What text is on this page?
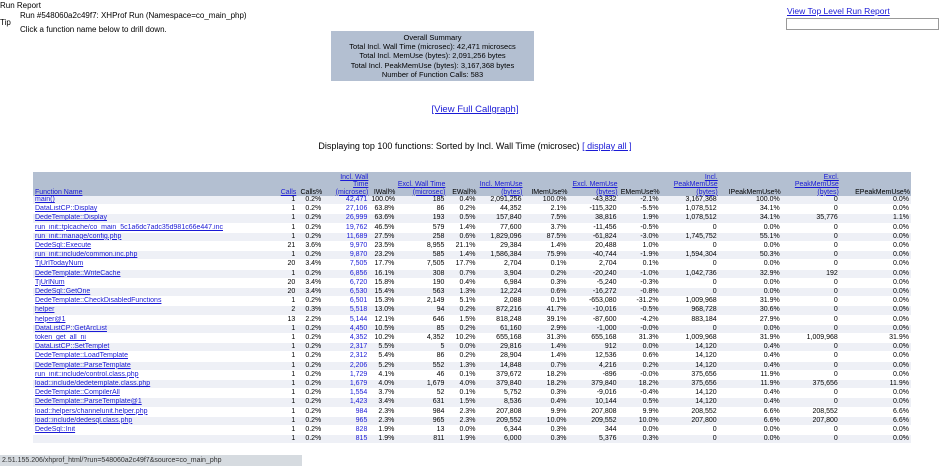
Run Report
Run #548060a2c49f7: XHProf Run (Namespace=co_main_php)
Tip
Click a function name below to drill down.
View Top Level Run Report
Overall Summary
Total Incl. Wall Time (microsec): 42,471 microsecs
Total Incl. MemUse (bytes): 2,091,256 bytes
Total Incl. PeakMemUse (bytes): 3,167,368 bytes
Number of Function Calls: 583
[View Full Callgraph]
Displaying top 100 functions: Sorted by Incl. Wall Time (microsec) [ display all ]
Function Name	Calls	Calls%	Incl. Wall Time (microsec)	IWall%	Excl. Wall Time (microsec)	EWall%	Incl. MemUse (bytes)	IMemUse%	Excl. MemUse (bytes)	EMemUse%	Incl. PeakMemUse (bytes)	IPeakMemUse%	Excl. PeakMemUse (bytes)	EPeakMemUse%
main()	1	0.2%	42,471	100.0%	185	0.4%	2,091,256	100.0%	-43,832	-2.1%	3,167,368	100.0%	0	0.0%
DataListCP::Display	1	0.2%	27,106	63.8%	86	0.2%	44,352	2.1%	-115,320	-5.5%	1,078,512	34.1%	0	0.0%
DedeTemplate::Display	1	0.2%	26,999	63.6%	193	0.5%	157,840	7.5%	38,816	1.9%	1,078,512	34.1%	35,776	1.1%
run_init::tplcache/co_main_5c1a6dc7adc35d981c66e447.inc	1	0.2%	19,762	46.5%	579	1.4%	77,600	3.7%	-11,456	-0.5%	0	0.0%	0	0.0%
run_init::manage/config.php	1	0.2%	11,689	27.5%	258	0.6%	1,829,096	87.5%	-61,824	-3.0%	1,745,752	55.1%	0	0.0%
DedeSql::Execute	21	3.6%	9,970	23.5%	8,955	21.1%	29,384	1.4%	20,488	1.0%	0	0.0%	0	0.0%
run_init::include/common.inc.php	1	0.2%	9,870	23.2%	585	1.4%	1,586,384	75.9%	-40,744	-1.9%	1,594,304	50.3%	0	0.0%
TjUrlTodayNum	20	3.4%	7,505	17.7%	7,505	17.7%	2,704	0.1%	2,704	0.1%	0	0.0%	0	0.0%
DedeTemplate::WriteCache	1	0.2%	6,856	16.1%	308	0.7%	3,904	0.2%	-20,240	-1.0%	1,042,736	32.9%	192	0.0%
TjUrlNum	20	3.4%	6,720	15.8%	190	0.4%	6,984	0.3%	-5,240	-0.3%	0	0.0%	0	0.0%
DedeSql::GetOne	20	3.4%	6,530	15.4%	563	1.3%	12,224	0.6%	-16,272	-0.8%	0	0.0%	0	0.0%
DedeTemplate::CheckDisabledFunctions	1	0.2%	6,501	15.3%	2,149	5.1%	2,088	0.1%	-653,080	-31.2%	1,009,968	31.9%	0	0.0%
helper	2	0.3%	5,518	13.0%	94	0.2%	872,216	41.7%	-10,016	-0.5%	968,728	30.6%	0	0.0%
helper@1	13	2.2%	5,144	12.1%	646	1.5%	818,248	39.1%	-87,600	-4.2%	883,184	27.9%	0	0.0%
DataListCP::GetArcList	1	0.2%	4,450	10.5%	85	0.2%	61,160	2.9%	-1,000	-0.0%	0	0.0%	0	0.0%
token_get_all_ni	1	0.2%	4,352	10.2%	4,352	10.2%	655,168	31.3%	655,168	31.3%	1,009,968	31.9%	1,009,968	31.9%
DataListCP::SetTemplet	1	0.2%	2,317	5.5%	5	0.0%	29,816	1.4%	912	0.0%	14,120	0.4%	0	0.0%
DedeTemplate::LoadTemplate	1	0.2%	2,312	5.4%	86	0.2%	28,904	1.4%	12,536	0.6%	14,120	0.4%	0	0.0%
DedeTemplate::ParseTemplate	1	0.2%	2,206	5.2%	552	1.3%	14,848	0.7%	4,216	0.2%	14,120	0.4%	0	0.0%
run_init::include/control.class.php	1	0.2%	1,729	4.1%	46	0.1%	379,672	18.2%	-896	-0.0%	375,656	11.9%	0	0.0%
load::include/dedetemplate.class.php	1	0.2%	1,679	4.0%	1,679	4.0%	379,840	18.2%	379,840	18.2%	375,656	11.9%	375,656	11.9%
DedeTemplate::CompilerAll	1	0.2%	1,554	3.7%	52	0.1%	5,752	0.3%	-9,016	-0.4%	14,120	0.4%	0	0.0%
DedeTemplate::ParseTemplate@1	1	0.2%	1,423	3.4%	631	1.5%	8,536	0.4%	10,144	0.5%	14,120	0.4%	0	0.0%
load::helpers/channelunit.helper.php	1	0.2%	984	2.3%	984	2.3%	207,808	9.9%	207,808	9.9%	208,552	6.6%	208,552	6.6%
load::include/dedesql.class.php	1	0.2%	965	2.3%	965	2.3%	209,552	10.0%	209,552	10.0%	207,800	6.6%	207,800	6.6%
DedeSql::Init	1	0.2%	828	1.9%	13	0.0%	6,344	0.3%	344	0.0%	0	0.0%	0	0.0%
	1	0.2%	815	1.9%	811	1.9%	6,000	0.3%	5,376	0.3%	0	0.0%	0	0.0%
2.51.155.206/xhprof_html/?run=548060a2c49f7&source=co_main_php
